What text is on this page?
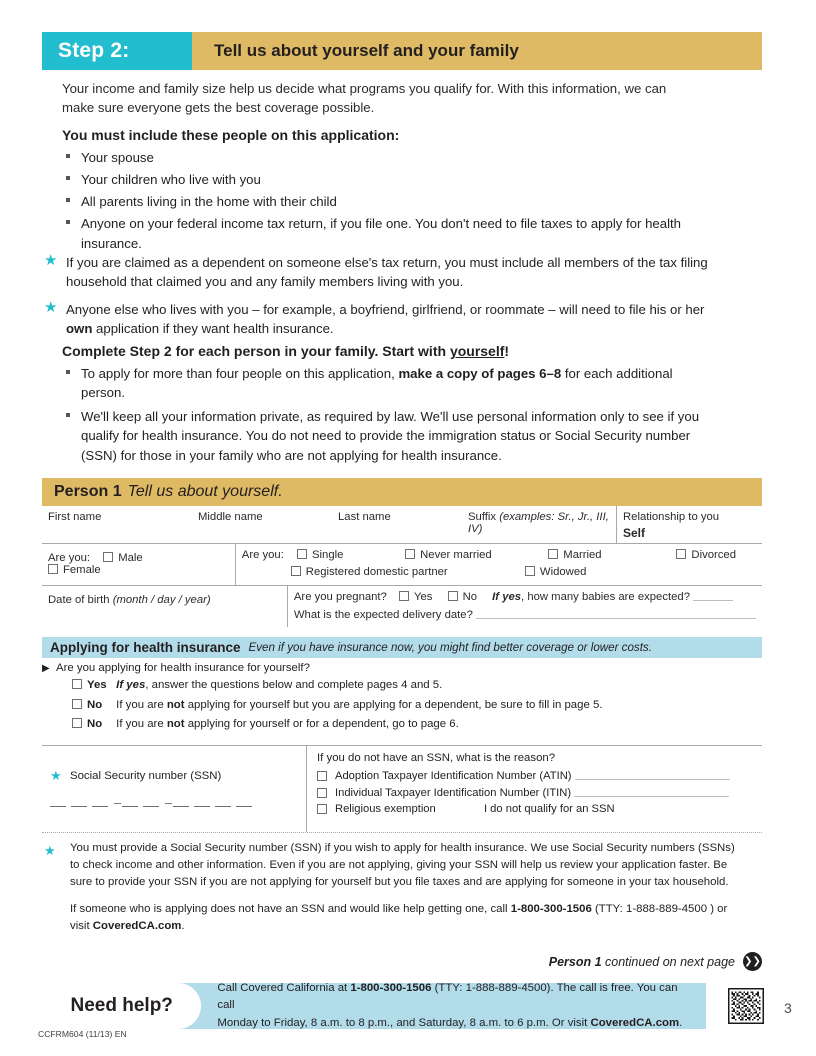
Step 2:	Tell us about yourself and your family
Your income and family size help us decide what programs you qualify for. With this information, we can make sure everyone gets the best coverage possible.
You must include these people on this application:
Your spouse
Your children who live with you
All parents living in the home with their child
Anyone on your federal income tax return, if you file one. You don't need to file taxes to apply for health insurance.
★ If you are claimed as a dependent on someone else's tax return, you must include all members of the tax filing household that claimed you and any family members living with you.
★ Anyone else who lives with you – for example, a boyfriend, girlfriend, or roommate – will need to file his or her own application if they want health insurance.
Complete Step 2 for each person in your family. Start with yourself!
To apply for more than four people on this application, make a copy of pages 6–8 for each additional person.
We'll keep all your information private, as required by law. We'll use personal information only to see if you qualify for health insurance. You do not need to provide the immigration status or Social Security number (SSN) for those in your family who are not applying for health insurance.
Person 1 Tell us about yourself.
First name	Middle name	Last name	Suffix (examples: Sr., Jr., III, IV)
Relationship to you
Self
Are you: Male Female
Are you: Single	Never married	Married	Divorced
Registered domestic partner	Widowed
Date of birth (month / day / year)	Are you pregnant? Yes	No If yes, how many babies are expected?
What is the expected delivery date?
Applying for health insurance Even if you have insurance now, you might find better coverage or lower costs.
▶ Are you applying for health insurance for yourself?
Yes If yes, answer the questions below and complete pages 4 and 5.
No If you are not applying for yourself but you are applying for a dependent, be sure to fill in page 5.
No If you are not applying for yourself or for a dependent, go to page 6.
★ Social Security number (SSN)
–	–
If you do not have an SSN, what is the reason?
Adoption Taxpayer Identification Number (ATIN)
Individual Taxpayer Identification Number (ITIN)
Religious exemption	I do not qualify for an SSN
★ You must provide a Social Security number (SSN) if you wish to apply for health insurance. We use Social Security numbers (SSNs) to check income and other information. Even if you are not applying, giving your SSN will help us review your application faster. Be sure to provide your SSN if you are not applying for yourself but you file taxes and are applying for someone in your tax household.

If someone who is applying does not have an SSN and would like help getting one, call 1-800-300-1506 (TTY: 1-888-889-4500 ) or visit CoveredCA.com.

Person 1 continued on next page ❯❯
Need help?
Call Covered California at 1-800-300-1506 (TTY: 1-888-889-4500). The call is free. You can call
Monday to Friday, 8 a.m. to 8 p.m., and Saturday, 8 a.m. to 6 p.m. Or visit CoveredCA.com.
3
CCFRM604 (11/13) EN
